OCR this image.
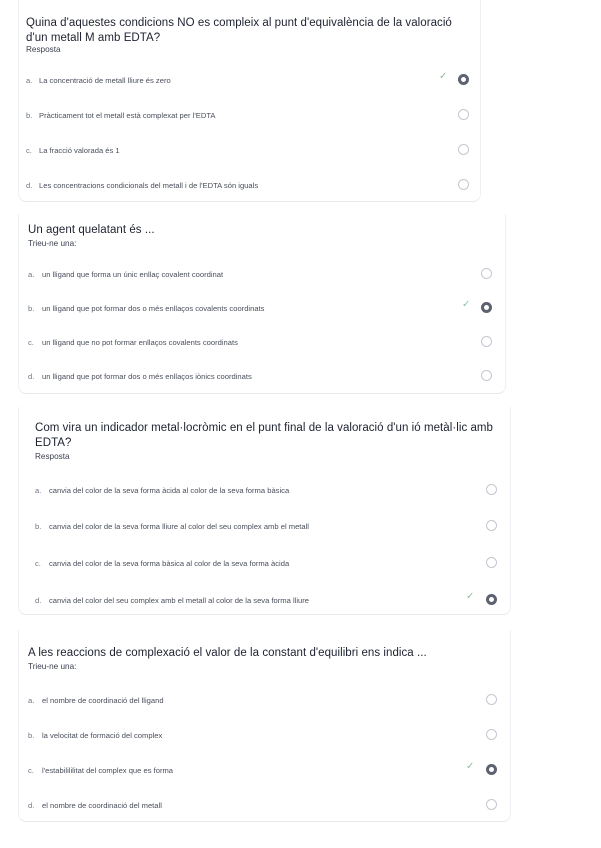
Quina d'aquestes condicions NO es compleix al punt d'equivalència de la valoració d'un metall M amb EDTA?

Resposta

a. La concentració de metall lliure és zero	✓
b. Pràcticament tot el metall està complexat per l'EDTA
c. La fracció valorada és 1
d. Les concentracions condicionals del metall i de l'EDTA són iguals
Un agent quelatant és ...

Trieu-ne una:

a. un lligand que forma un únic enllaç covalent coordinat
b. un lligand que pot formar dos o més enllaços covalents coordinats	✓
c. un lligand que no pot formar enllaços covalents coordinats
d. un lligand que pot formar dos o més enllaços iònics coordinats
Com vira un indicador metal·locròmic en el punt final de la valoració d'un ió metàl·lic amb EDTA?

Resposta

a. canvia del color de la seva forma àcida al color de la seva forma bàsica
b. canvia del color de la seva forma lliure al color del seu complex amb el metall
c. canvia del color de la seva forma bàsica al color de la seva forma àcida
d. canvia del color del seu complex amb el metall al color de la seva forma lliure	✓
A les reaccions de complexació el valor de la constant d'equilibri ens indica ...

Trieu-ne una:

a. el nombre de coordinació del lligand
b. la velocitat de formació del complex
c. l'estabilililitat del complex que es forma	✓
d. el nombre de coordinació del metall
